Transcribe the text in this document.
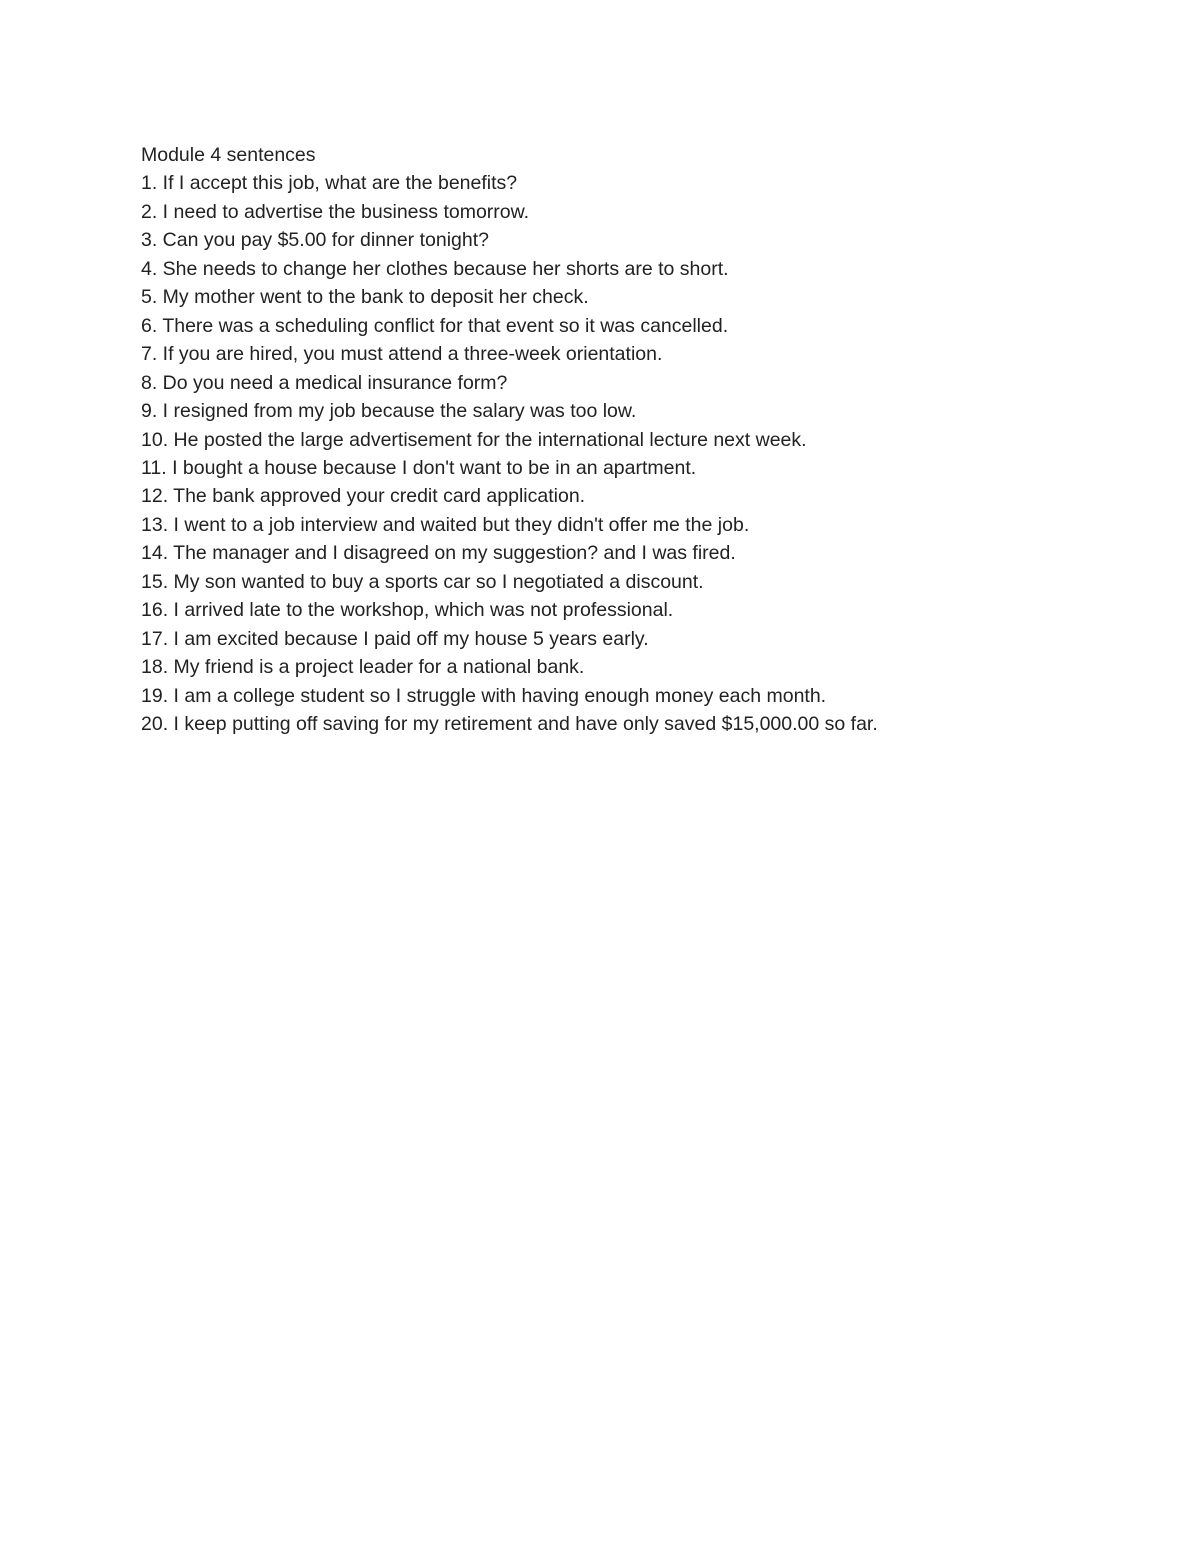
Module 4 sentences
1. If I accept this job, what are the benefits?
2. I need to advertise the business tomorrow.
3. Can you pay $5.00 for dinner tonight?
4. She needs to change her clothes because her shorts are to short.
5. My mother went to the bank to deposit her check.
6. There was a scheduling conflict for that event so it was cancelled.
7. If you are hired, you must attend a three-week orientation.
8. Do you need a medical insurance form?
9. I resigned from my job because the salary was too low.
10. He posted the large advertisement for the international lecture next week.
11. I bought a house because I don't want to be in an apartment.
12. The bank approved your credit card application.
13. I went to a job interview and waited but they didn't offer me the job.
14. The manager and I disagreed on my suggestion? and I was fired.
15. My son wanted to buy a sports car so I negotiated a discount.
16. I arrived late to the workshop, which was not professional.
17. I am excited because I paid off my house 5 years early.
18. My friend is a project leader for a national bank.
19. I am a college student so I struggle with having enough money each month.
20. I keep putting off saving for my retirement and have only saved $15,000.00 so far.
